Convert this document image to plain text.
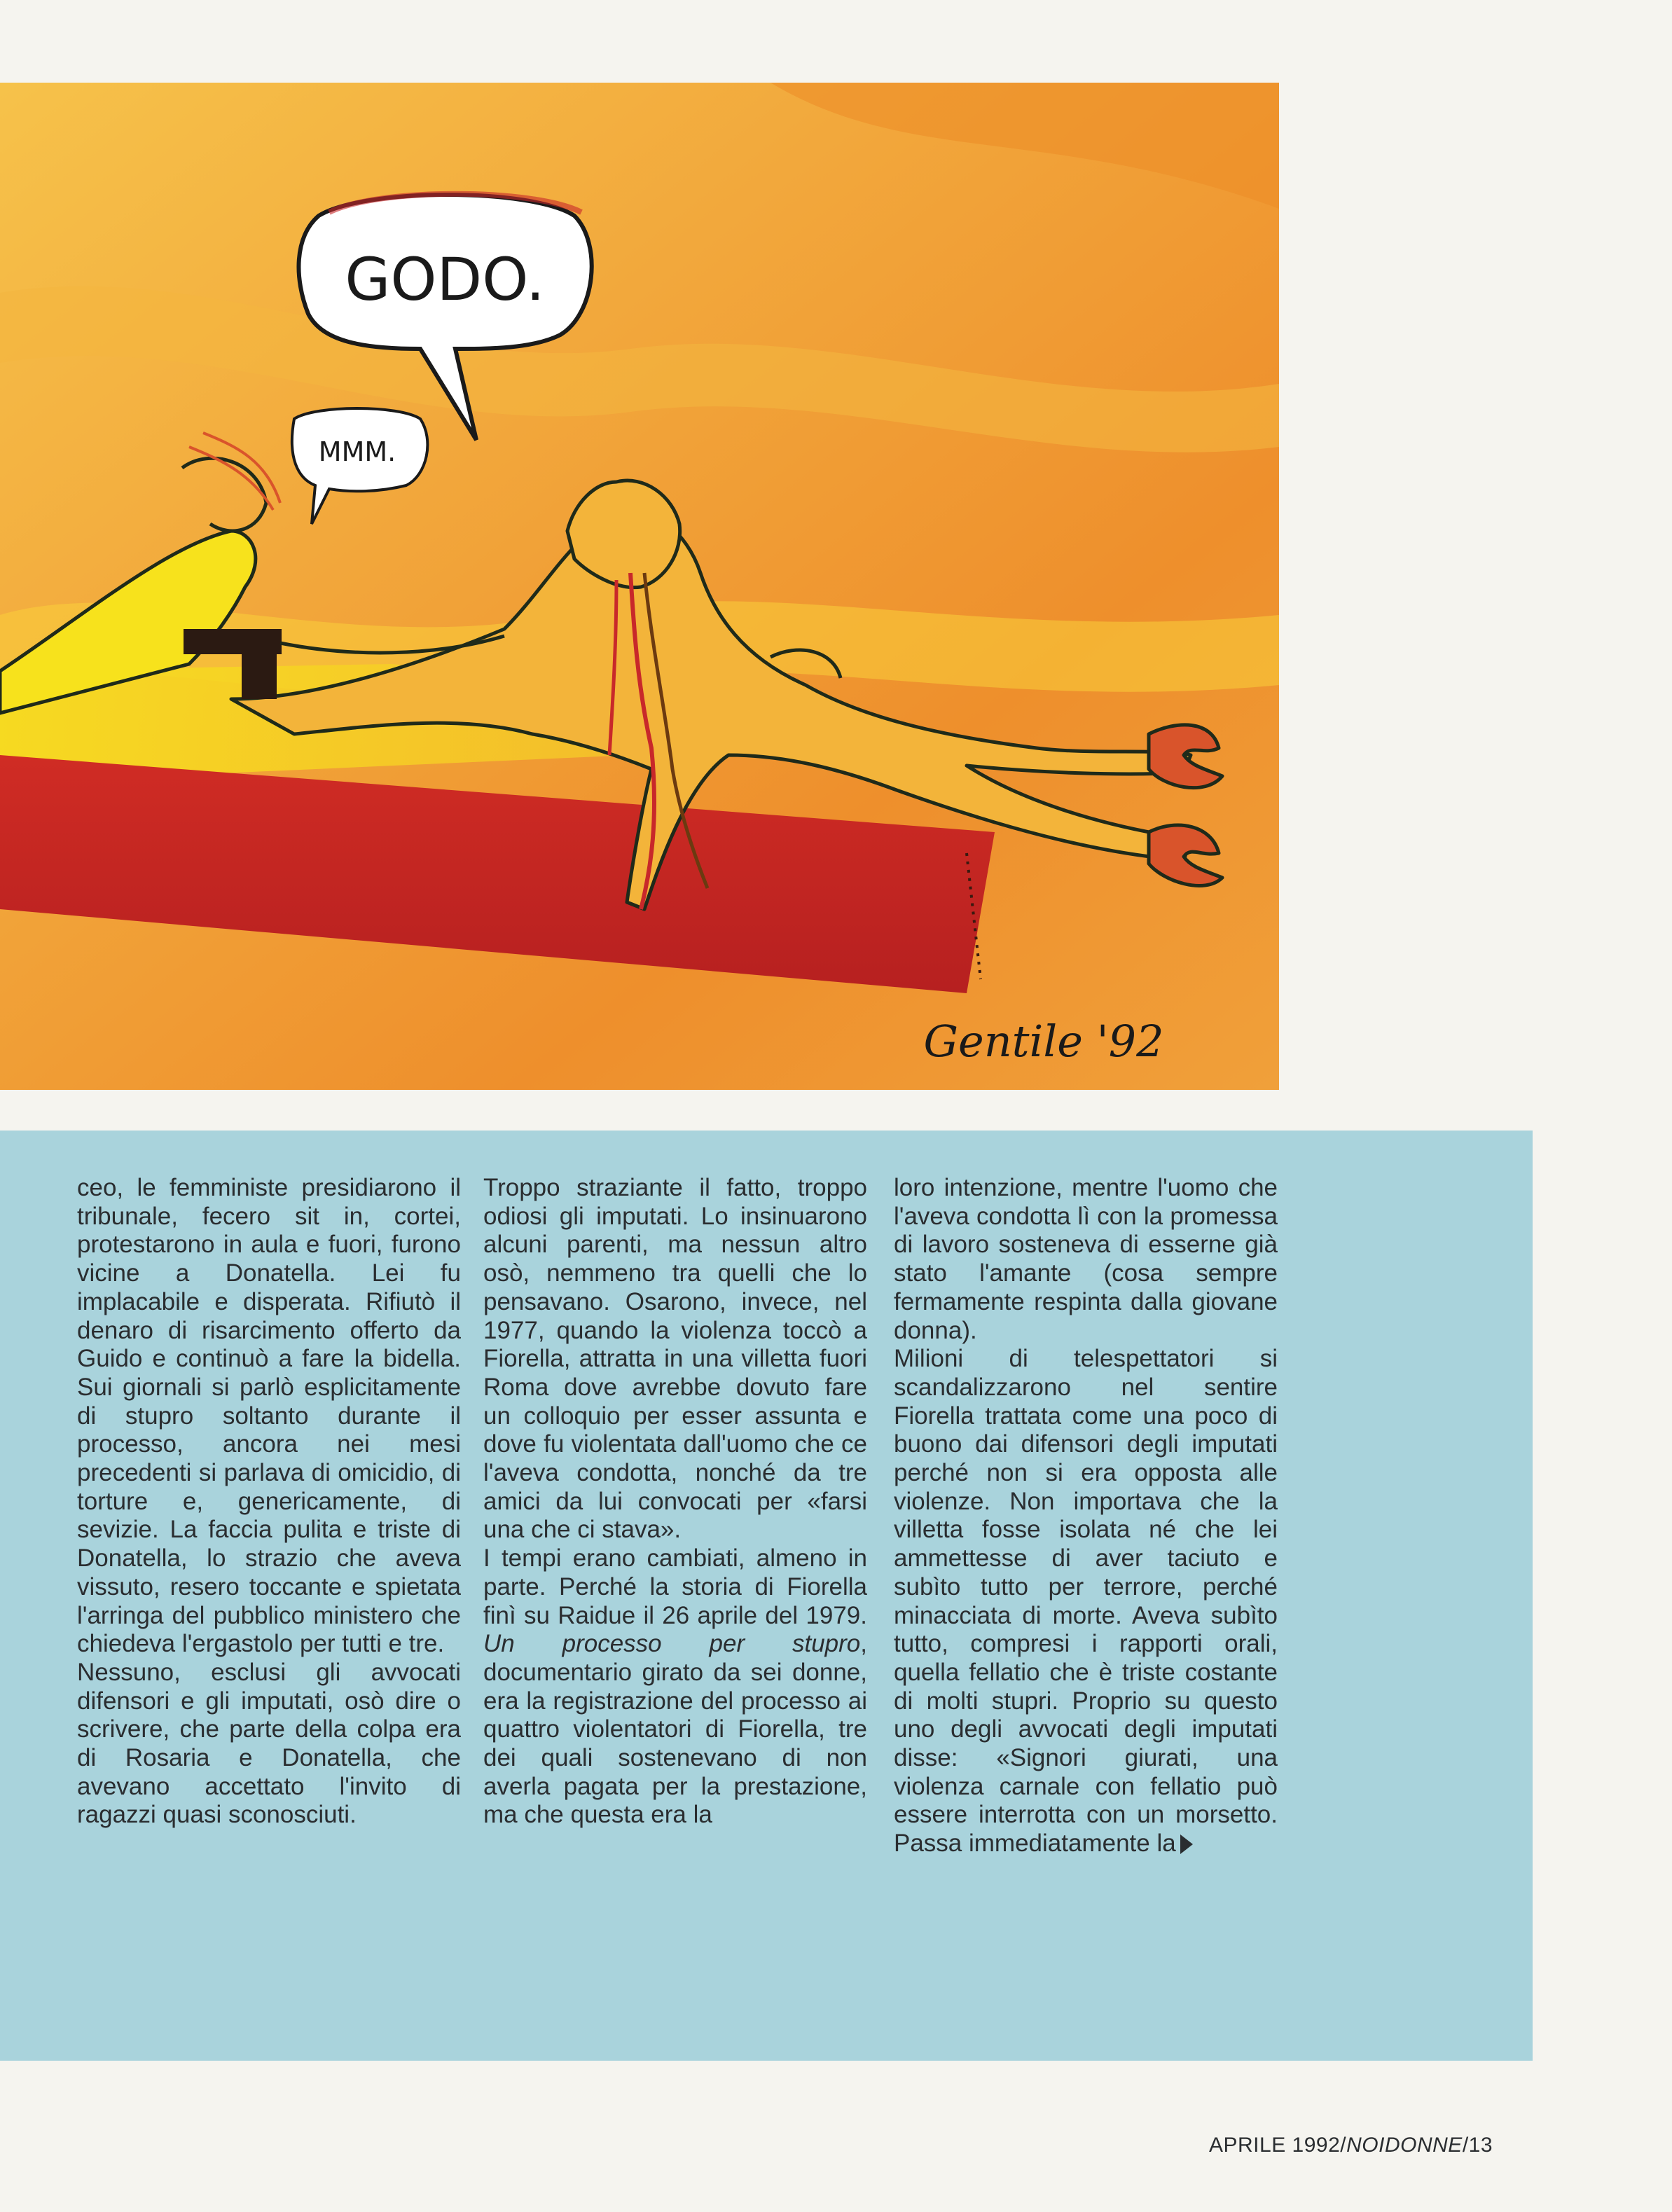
GODO.
MMM.
Gentile '92

ceo, le femministe presidiarono il tribunale, fecero sit in, cortei, protestarono in aula e fuori, furono vicine a Donatella. Lei fu implacabile e disperata. Rifiutò il denaro di risarcimento offerto da Guido e continuò a fare la bidella. Sui giornali si parlò esplicitamente di stupro soltanto durante il processo, ancora nei mesi precedenti si parlava di omicidio, di torture e, genericamente, di sevizie. La faccia pulita e triste di Donatella, lo strazio che aveva vissuto, resero toccante e spietata l'arringa del pubblico ministero che chiedeva l'ergastolo per tutti e tre.

Nessuno, esclusi gli avvocati difensori e gli imputati, osò dire o scrivere, che parte della colpa era di Rosaria e Donatella, che avevano accettato l'invito di ragazzi quasi sconosciuti.

Troppo straziante il fatto, troppo odiosi gli imputati. Lo insinuarono alcuni parenti, ma nessun altro osò, nemmeno tra quelli che lo pensavano. Osarono, invece, nel 1977, quando la violenza toccò a Fiorella, attratta in una villetta fuori Roma dove avrebbe dovuto fare un colloquio per esser assunta e dove fu violentata dall'uomo che ce l'aveva condotta, nonché da tre amici da lui convocati per «farsi una che ci stava».

I tempi erano cambiati, almeno in parte. Perché la storia di Fiorella finì su Raidue il 26 aprile del 1979. Un processo per stupro, documentario girato da sei donne, era la registrazione del processo ai quattro violentatori di Fiorella, tre dei quali sostenevano di non averla pagata per la prestazione, ma che questa era la

loro intenzione, mentre l'uomo che l'aveva condotta lì con la promessa di lavoro sosteneva di esserne già stato l'amante (cosa sempre fermamente respinta dalla giovane donna).

Milioni di telespettatori si scandalizzarono nel sentire Fiorella trattata come una poco di buono dai difensori degli imputati perché non si era opposta alle violenze. Non importava che la villetta fosse isolata né che lei ammettesse di aver taciuto e subìto tutto per terrore, perché minacciata di morte. Aveva subìto tutto, compresi i rapporti orali, quella fellatio che è triste costante di molti stupri. Proprio su questo uno degli avvocati degli imputati disse: «Signori giurati, una violenza carnale con fellatio può essere interrotta con un morsetto. Passa immediatamente la

APRILE 1992/NOIDONNE/13
